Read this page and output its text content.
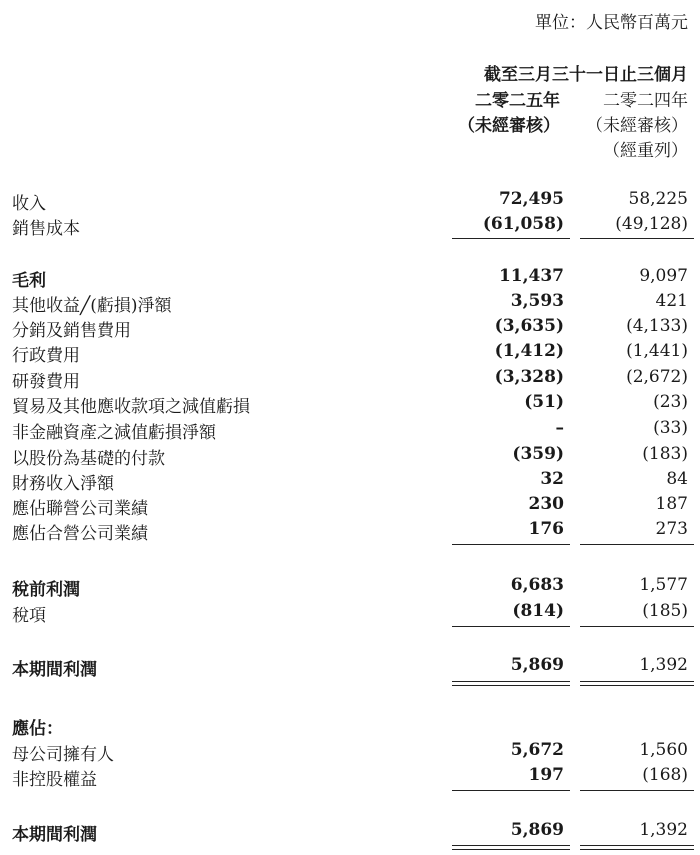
單位：人民幣百萬元
截至三月三十一日止三個月
二零二五年	二零二四年
（未經審核） （未經審核）
（經重列）
收入	72,495	58,225
銷售成本	(61,058)	(49,128)
毛利	11,437	9,097
其他收益╱(虧損)淨額	3,593	421
分銷及銷售費用	(3,635)	(4,133)
行政費用	(1,412)	(1,441)
研發費用	(3,328)	(2,672)
貿易及其他應收款項之減值虧損	(51)	(23)
非金融資產之減值虧損淨額	–	(33)
以股份為基礎的付款	(359)	(183)
財務收入淨額	32	84
應佔聯營公司業績	230	187
應佔合營公司業績	176	273
稅前利潤	6,683	1,577
稅項	(814)	(185)
本期間利潤	5,869	1,392
應佔：
母公司擁有人	5,672	1,560
非控股權益	197	(168)
本期間利潤	5,869	1,392
